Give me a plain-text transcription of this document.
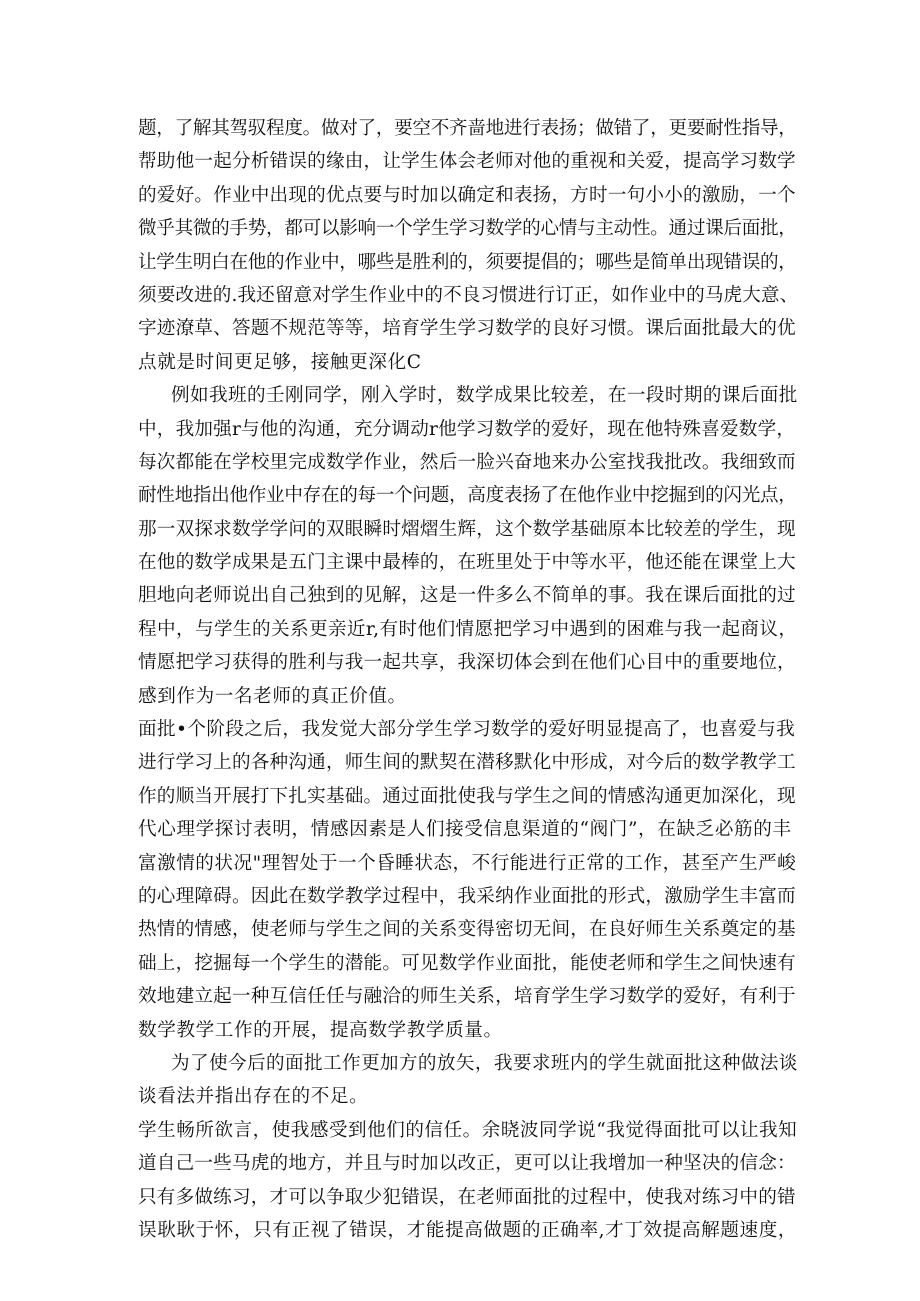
题，了解其驾驭程度。做对了，要空不齐啬地进行表扬；做错了，更要耐性指导，
帮助他一起分析错误的缘由，让学生体会老师对他的重视和关爱，提高学习数学
的爱好。作业中出现的优点要与时加以确定和表扬，方时一句小小的激励，一个
微乎其微的手势，都可以影响一个学生学习数学的心情与主动性。通过课后面批，
让学生明白在他的作业中，哪些是胜利的，须要提倡的；哪些是简单出现错误的，
须要改进的.我还留意对学生作业中的不良习惯进行订正，如作业中的马虎大意、
字迹潦草、答题不规范等等，培育学生学习数学的良好习惯。课后面批最大的优
点就是时间更足够，接触更深化C
例如我班的壬刚同学，刚入学时，数学成果比较差，在一段时期的课后面批
中，我加强r与他的沟通，充分调动r他学习数学的爱好，现在他特殊喜爱数学，
每次都能在学校里完成数学作业，然后一脸兴奋地来办公室找我批改。我细致而
耐性地指出他作业中存在的每一个问题，高度表扬了在他作业中挖掘到的闪光点，
那一双探求数学学问的双眼瞬时熠熠生辉，这个数学基础原本比较差的学生，现
在他的数学成果是五门主课中最棒的，在班里处于中等水平，他还能在课堂上大
胆地向老师说出自己独到的见解，这是一件多么不简单的事。我在课后面批的过
程中，与学生的关系更亲近r,有时他们情愿把学习中遇到的困难与我一起商议，
情愿把学习获得的胜利与我一起共享，我深切体会到在他们心目中的重要地位，
感到作为一名老师的真正价值。
面批•个阶段之后，我发觉大部分学生学习数学的爱好明显提高了，也喜爱与我
进行学习上的各种沟通，师生间的默契在潜移默化中形成，对今后的数学教学工
作的顺当开展打下扎实基础。通过面批使我与学生之间的情感沟通更加深化，现
代心理学探讨表明，情感因素是人们接受信息渠道的“阀门”，在缺乏必筋的丰
富激情的状况"理智处于一个昏睡状态，不行能进行正常的工作，甚至产生严峻
的心理障碍。因此在数学教学过程中，我采纳作业面批的形式，激励学生丰富而
热情的情感，使老师与学生之间的关系变得密切无间，在良好师生关系奠定的基
础上，挖掘每一个学生的潜能。可见数学作业面批，能使老师和学生之间快速有
效地建立起一种互信任任与融洽的师生关系，培育学生学习数学的爱好，有利于
数学教学工作的开展，提高数学教学质量。
为了使今后的面批工作更加方的放矢，我要求班内的学生就面批这种做法谈
谈看法并指出存在的不足。
学生畅所欲言，使我感受到他们的信任。余晓波同学说“我觉得面批可以让我知
道自己一些马虎的地方，并且与时加以改正，更可以让我增加一种坚决的信念：
只有多做练习，才可以争取少犯错误，在老师面批的过程中，使我对练习中的错
误耿耿于怀，只有正视了错误，才能提高做题的正确率,才丁效提高解题速度，
